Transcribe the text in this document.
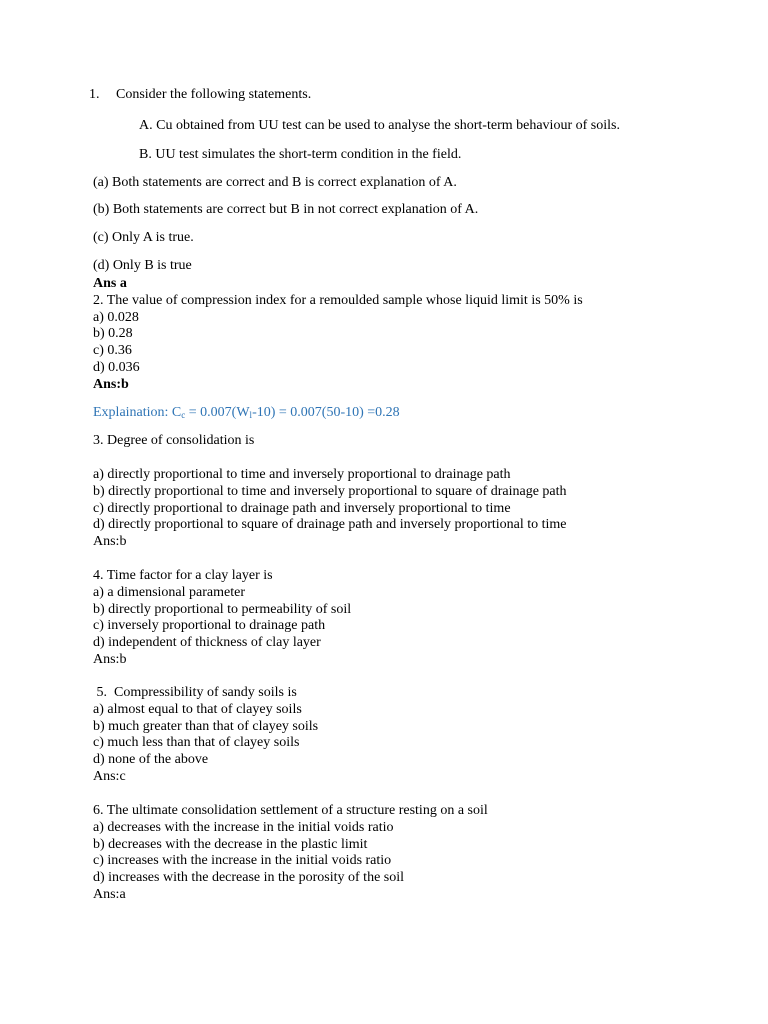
1. Consider the following statements.
A. Cu obtained from UU test can be used to analyse the short-term behaviour of soils.
B. UU test simulates the short-term condition in the field.
(a) Both statements are correct and B is correct explanation of A.
(b) Both statements are correct but B in not correct explanation of A.
(c) Only A is true.
(d) Only B is true
Ans a
2. The value of compression index for a remoulded sample whose liquid limit is 50% is
a) 0.028
b) 0.28
c) 0.36
d) 0.036
Ans:b
Explaination: $C_c = 0.007(W_l-10) = 0.007(50-10) =0.28$
3. Degree of consolidation is
a) directly proportional to time and inversely proportional to drainage path
b) directly proportional to time and inversely proportional to square of drainage path
c) directly proportional to drainage path and inversely proportional to time
d) directly proportional to square of drainage path and inversely proportional to time
Ans:b
4. Time factor for a clay layer is
a) a dimensional parameter
b) directly proportional to permeability of soil
c) inversely proportional to drainage path
d) independent of thickness of clay layer
Ans:b
5.  Compressibility of sandy soils is
a) almost equal to that of clayey soils
b) much greater than that of clayey soils
c) much less than that of clayey soils
d) none of the above
Ans:c
6. The ultimate consolidation settlement of a structure resting on a soil
a) decreases with the increase in the initial voids ratio
b) decreases with the decrease in the plastic limit
c) increases with the increase in the initial voids ratio
d) increases with the decrease in the porosity of the soil
Ans:a
